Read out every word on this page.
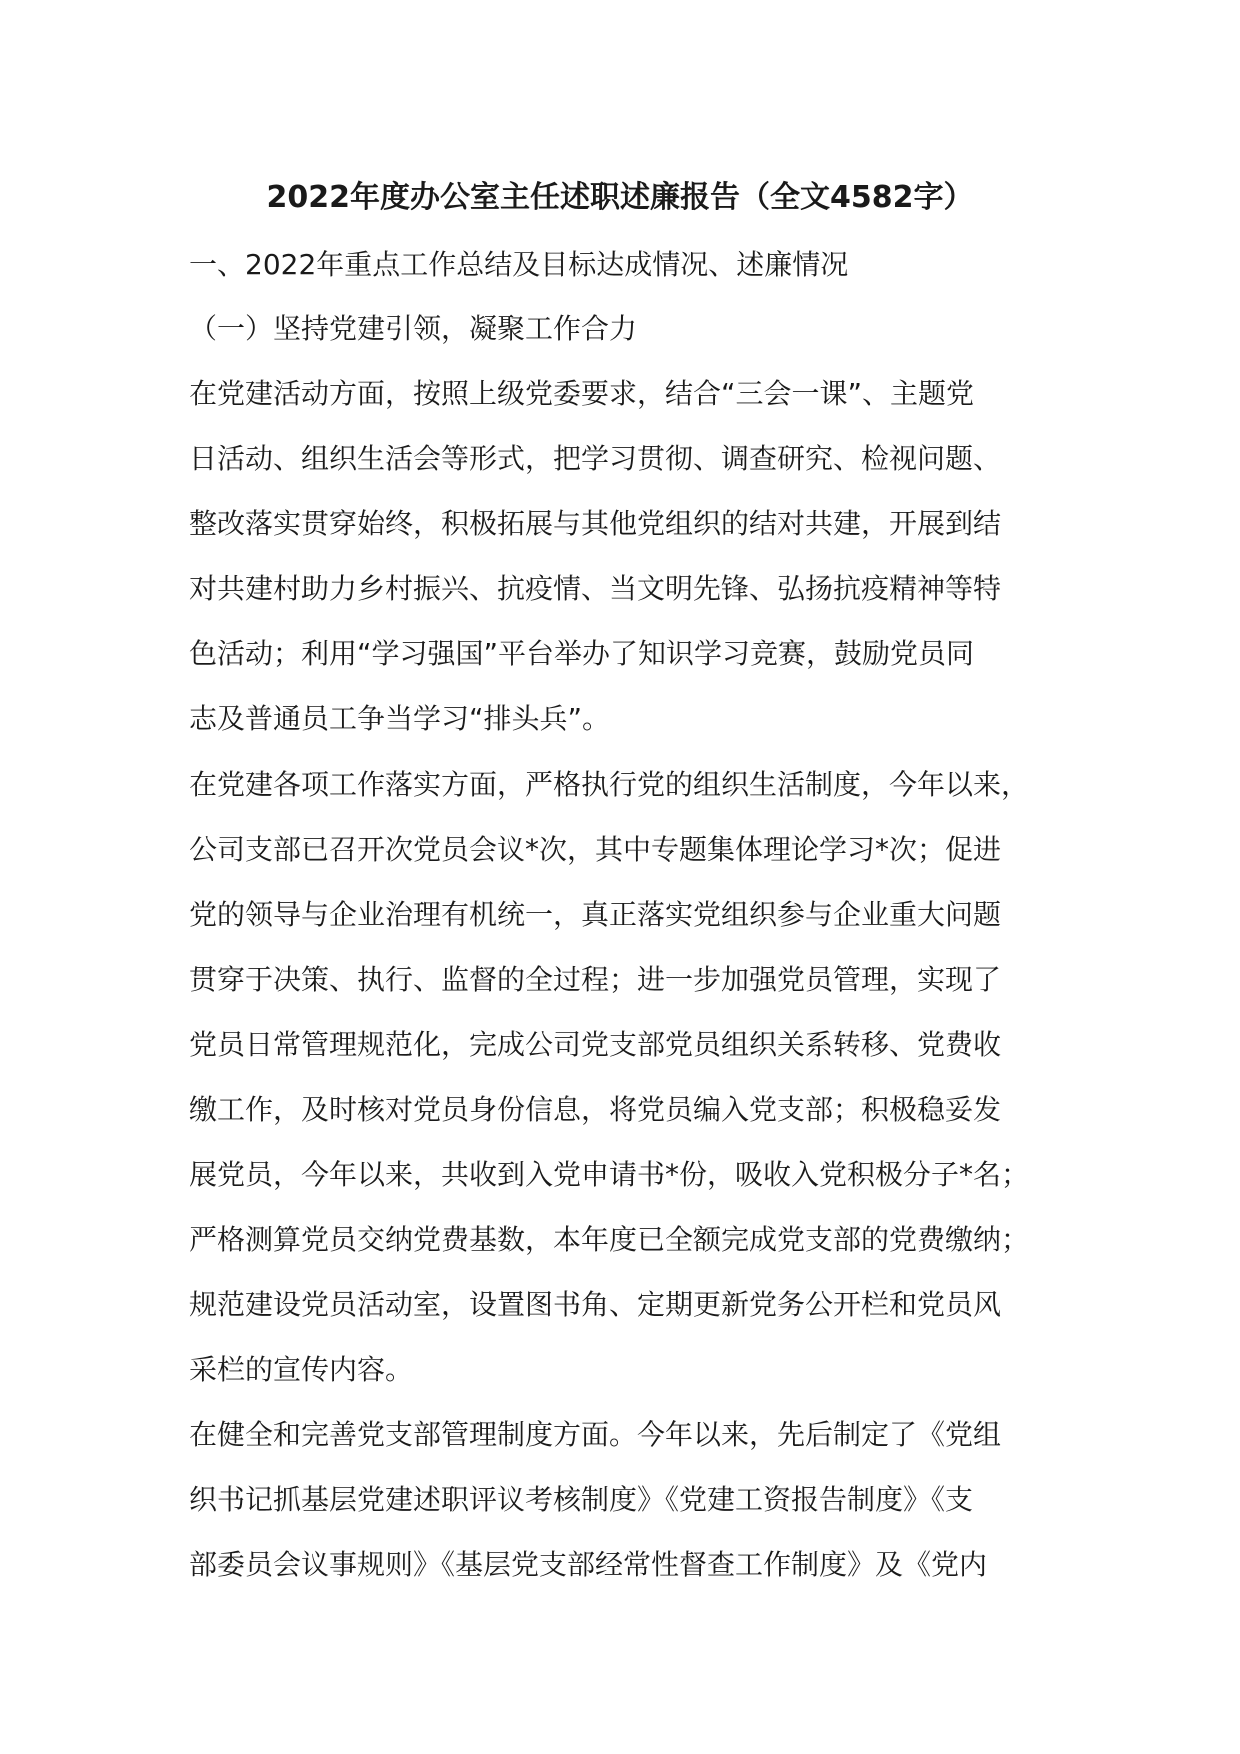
2022年度办公室主任述职述廉报告（全文4582字）
一、2022年重点工作总结及目标达成情况、述廉情况
（一）坚持党建引领，凝聚工作合力
在党建活动方面，按照上级党委要求，结合“三会一课”、主题党
日活动、组织生活会等形式，把学习贯彻、调查研究、检视问题、
整改落实贯穿始终，积极拓展与其他党组织的结对共建，开展到结
对共建村助力乡村振兴、抗疫情、当文明先锋、弘扬抗疫精神等特
色活动；利用“学习强国”平台举办了知识学习竞赛，鼓励党员同
志及普通员工争当学习“排头兵”。
在党建各项工作落实方面，严格执行党的组织生活制度，今年以来，
公司支部已召开次党员会议*次，其中专题集体理论学习*次；促进
党的领导与企业治理有机统一，真正落实党组织参与企业重大问题
贯穿于决策、执行、监督的全过程；进一步加强党员管理，实现了
党员日常管理规范化，完成公司党支部党员组织关系转移、党费收
缴工作，及时核对党员身份信息，将党员编入党支部；积极稳妥发
展党员，今年以来，共收到入党申请书*份，吸收入党积极分子*名；
严格测算党员交纳党费基数，本年度已全额完成党支部的党费缴纳；
规范建设党员活动室，设置图书角、定期更新党务公开栏和党员风
采栏的宣传内容。
在健全和完善党支部管理制度方面。今年以来，先后制定了《党组
织书记抓基层党建述职评议考核制度》《党建工资报告制度》《支
部委员会议事规则》《基层党支部经常性督查工作制度》及《党内
